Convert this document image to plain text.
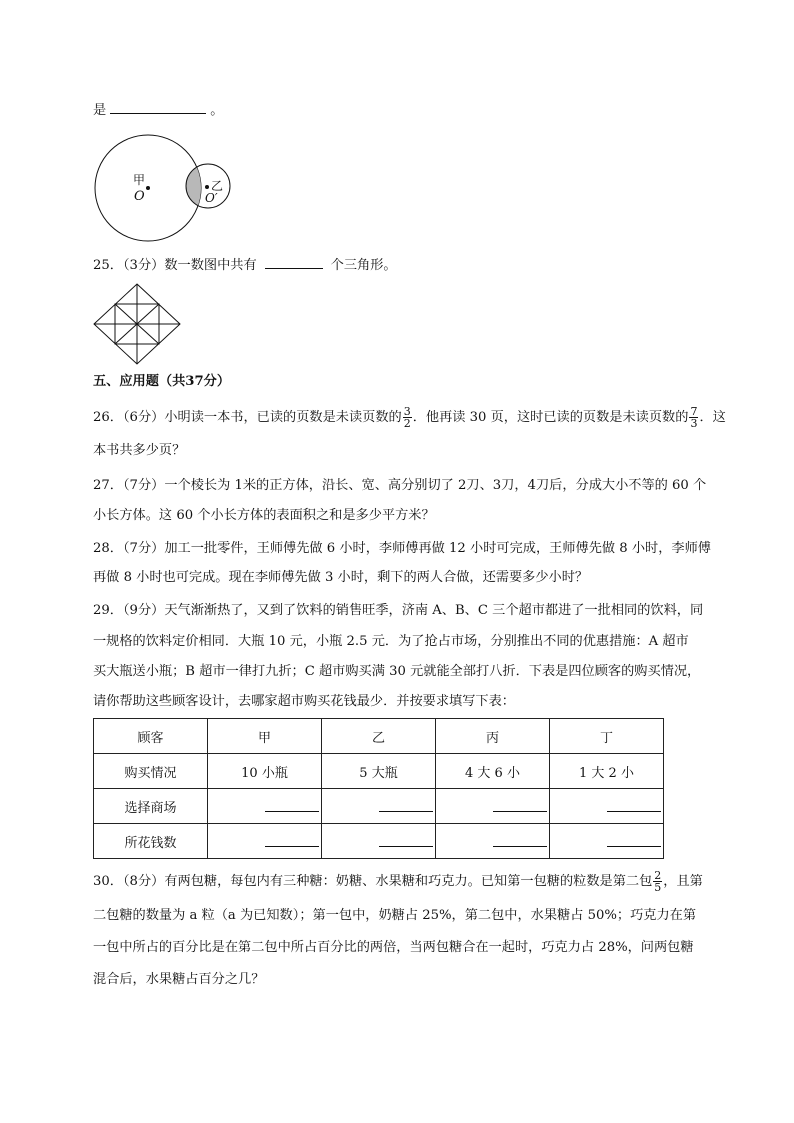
是	。
甲
O
乙
O′
25．（3分）数一数图中共有	个三角形。
五、应用题（共37分）
26．（6分）小明读一本书，已读的页数是未读页数的 $\frac{3}{2}$ ．他再读 30 页，这时已读的页数是未读页数的 $\frac{7}{3}$ ．这
本书共多少页？
27．（7分）一个棱长为 1米的正方体，沿长、宽、高分别切了 2刀、3刀，4刀后，分成大小不等的 60 个
小长方体。这 60 个小长方体的表面积之和是多少平方米？
28．（7分）加工一批零件，王师傅先做 6 小时，李师傅再做 12 小时可完成，王师傅先做 8 小时，李师傅
再做 8 小时也可完成。现在李师傅先做 3 小时，剩下的两人合做，还需要多少小时？
29．（9分）天气渐渐热了，又到了饮料的销售旺季，济南 A、B、C 三个超市都进了一批相同的饮料，同
一规格的饮料定价相同．大瓶 10 元，小瓶 2.5 元．为了抢占市场，分别推出不同的优惠措施：A 超市
买大瓶送小瓶；B 超市一律打九折；C 超市购买满 30 元就能全部打八折．下表是四位顾客的购买情况，
请你帮助这些顾客设计，去哪家超市购买花钱最少．并按要求填写下表：
顾客	甲	乙	丙	丁
购买情况	10 小瓶	5 大瓶	4 大 6 小	1 大 2 小
选择商场				
所花钱数				
30．（8分）有两包糖，每包内有三种糖：奶糖、水果糖和巧克力。已知第一包糖的粒数是第二包 $\frac{2}{5}$ ，且第
二包糖的数量为 a 粒（a 为已知数）；第一包中，奶糖占 25%，第二包中，水果糖占 50%；巧克力在第
一包中所占的百分比是在第二包中所占百分比的两倍，当两包糖合在一起时，巧克力占 28%，问两包糖
混合后，水果糖占百分之几？
